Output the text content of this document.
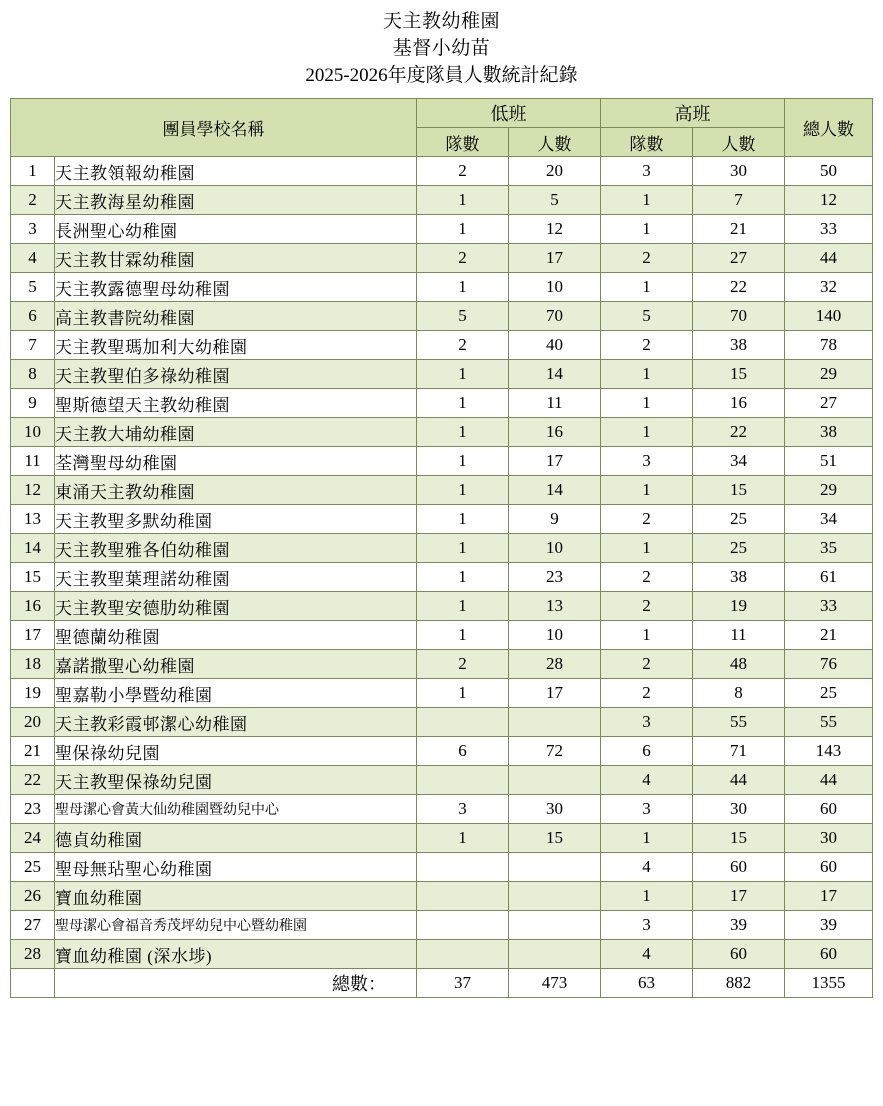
天主教幼稚園
基督小幼苗
2025-2026年度隊員人數統計紀錄
團員學校名稱		低班		高班		總人數
		隊數	人數	隊數	人數	
1	天主教領報幼稚園	2	20	3	30	50
2	天主教海星幼稚園	1	5	1	7	12
3	長洲聖心幼稚園	1	12	1	21	33
4	天主教甘霖幼稚園	2	17	2	27	44
5	天主教露德聖母幼稚園	1	10	1	22	32
6	高主教書院幼稚園	5	70	5	70	140
7	天主教聖瑪加利大幼稚園	2	40	2	38	78
8	天主教聖伯多祿幼稚園	1	14	1	15	29
9	聖斯德望天主教幼稚園	1	11	1	16	27
10	天主教大埔幼稚園	1	16	1	22	38
11	荃灣聖母幼稚園	1	17	3	34	51
12	東涌天主教幼稚園	1	14	1	15	29
13	天主教聖多默幼稚園	1	9	2	25	34
14	天主教聖雅各伯幼稚園	1	10	1	25	35
15	天主教聖葉理諾幼稚園	1	23	2	38	61
16	天主教聖安德肋幼稚園	1	13	2	19	33
17	聖德蘭幼稚園	1	10	1	11	21
18	嘉諾撒聖心幼稚園	2	28	2	48	76
19	聖嘉勒小學暨幼稚園	1	17	2	8	25
20	天主教彩霞邨潔心幼稚園			3	55	55
21	聖保祿幼兒園	6	72	6	71	143
22	天主教聖保祿幼兒園			4	44	44
23	聖母潔心會黃大仙幼稚園暨幼兒中心	3	30	3	30	60
24	德貞幼稚園	1	15	1	15	30
25	聖母無玷聖心幼稚園			4	60	60
26	寶血幼稚園			1	17	17
27	聖母潔心會福音秀茂坪幼兒中心暨幼稚園			3	39	39
28	寶血幼稚園 (深水埗)			4	60	60
	總數：	37	473	63	882	1355
